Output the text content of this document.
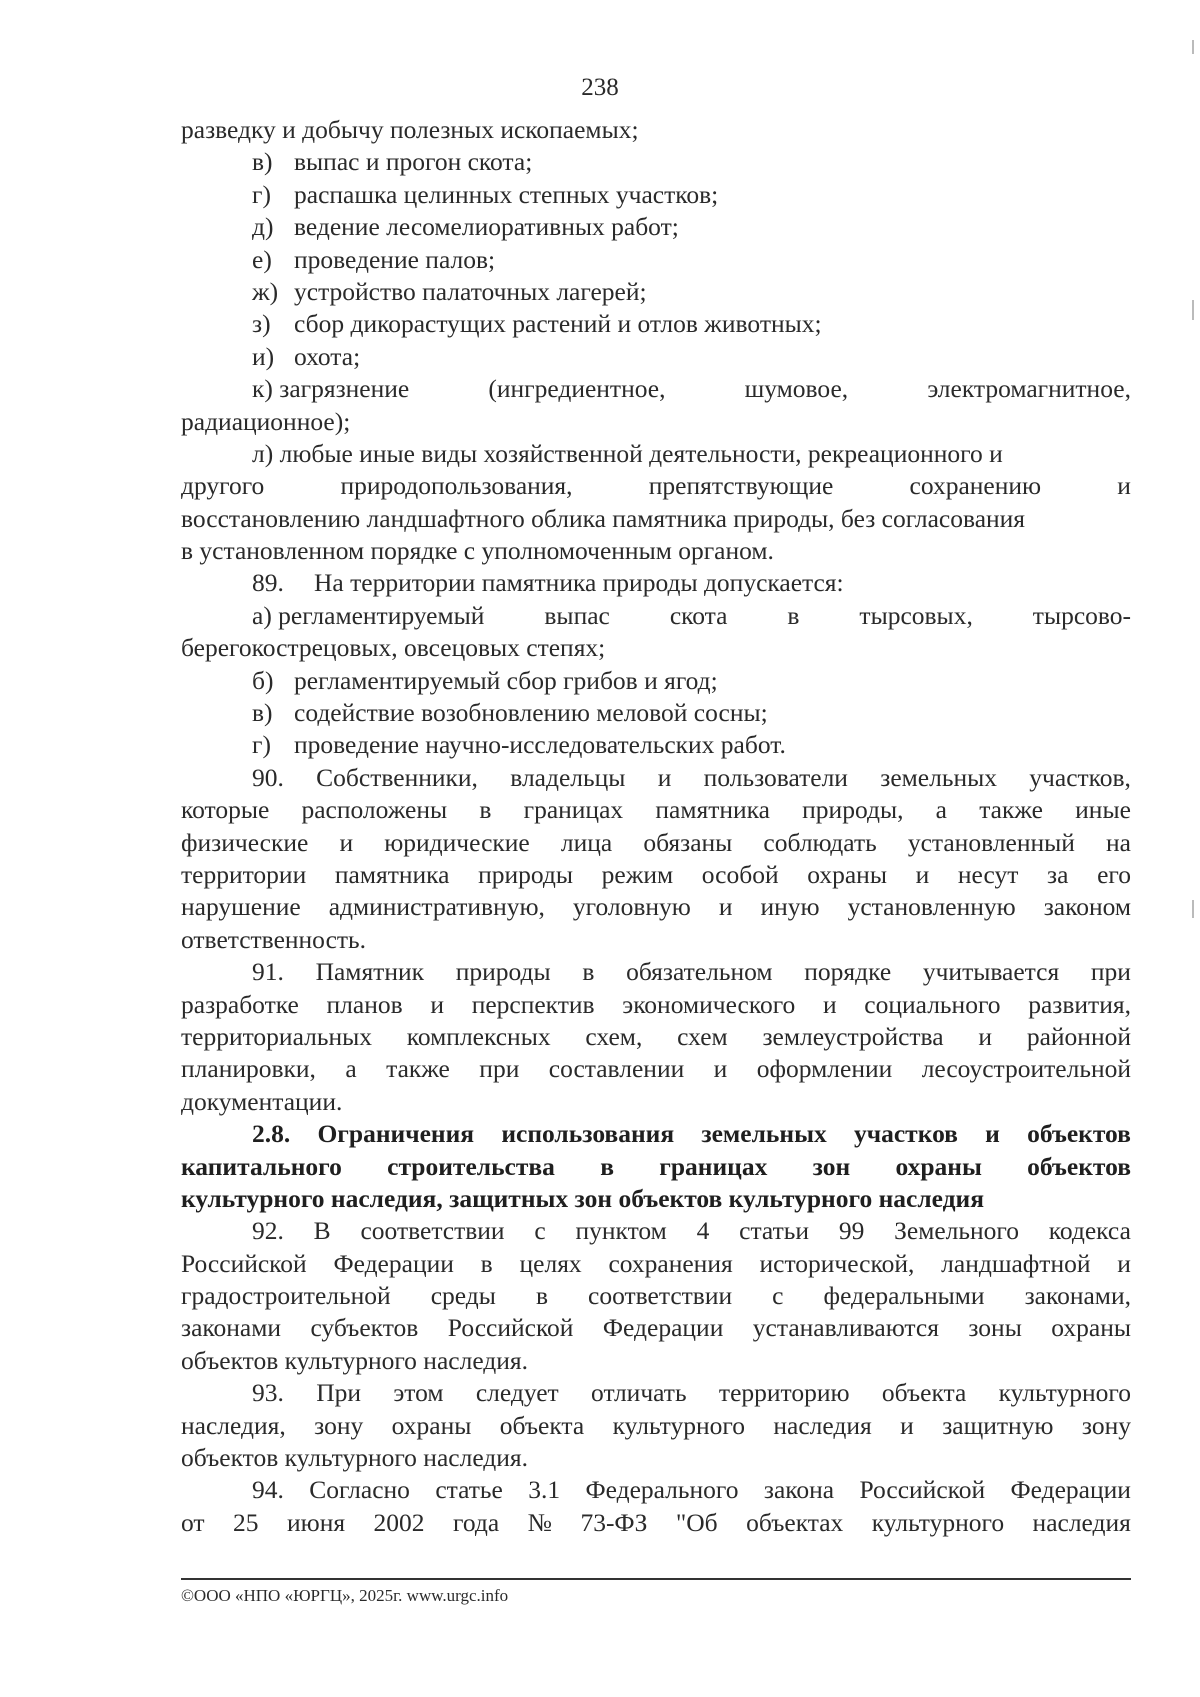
238
разведку и добычу полезных ископаемых;
в) выпас и прогон скота;
г) распашка целинных степных участков;
д) ведение лесомелиоративных работ;
е) проведение палов;
ж) устройство палаточных лагерей;
з) сбор дикорастущих растений и отлов животных;
и) охота;
к) загрязнение	(ингредиентное,	шумовое,	электромагнитное,
радиационное);
л) любые иные виды хозяйственной деятельности, рекреационного и
другого	природопользования,	препятствующие	сохранению	и
восстановлению ландшафтного облика памятника природы, без согласования
в установленном порядке с уполномоченным органом.
89.	На территории памятника природы допускается:
а) регламентируемый выпас скота в тырсовых, тырсово-
берегокострецовых, овсецовых степях;
б) регламентируемый сбор грибов и ягод;
в) содействие возобновлению меловой сосны;
г) проведение научно-исследовательских работ.
90. Собственники, владельцы и пользователи земельных участков,
которые расположены в границах памятника природы, а также иные
физические и юридические лица обязаны соблюдать установленный на
территории памятника природы режим особой охраны и несут за его
нарушение административную, уголовную и иную установленную законом
ответственность.
91. Памятник природы в обязательном порядке учитывается при
разработке планов и перспектив экономического и социального развития,
территориальных комплексных схем, схем землеустройства и районной
планировки, а также при составлении и оформлении лесоустроительной
документации.
2.8. Ограничения использования земельных участков и объектов
капитального строительства в границах зон охраны объектов
культурного наследия, защитных зон объектов культурного наследия
92. В соответствии с пунктом 4 статьи 99 Земельного кодекса
Российской Федерации в целях сохранения исторической, ландшафтной и
градостроительной среды в соответствии с федеральными законами,
законами субъектов Российской Федерации устанавливаются зоны охраны
объектов культурного наследия.
93. При этом следует отличать территорию объекта культурного
наследия, зону охраны объекта культурного наследия и защитную зону
объектов культурного наследия.
94. Согласно статье 3.1 Федерального закона Российской Федерации
от 25 июня 2002 года № 73-ФЗ "Об объектах культурного наследия
©ООО «НПО «ЮРГЦ», 2025г. www.urgc.info
